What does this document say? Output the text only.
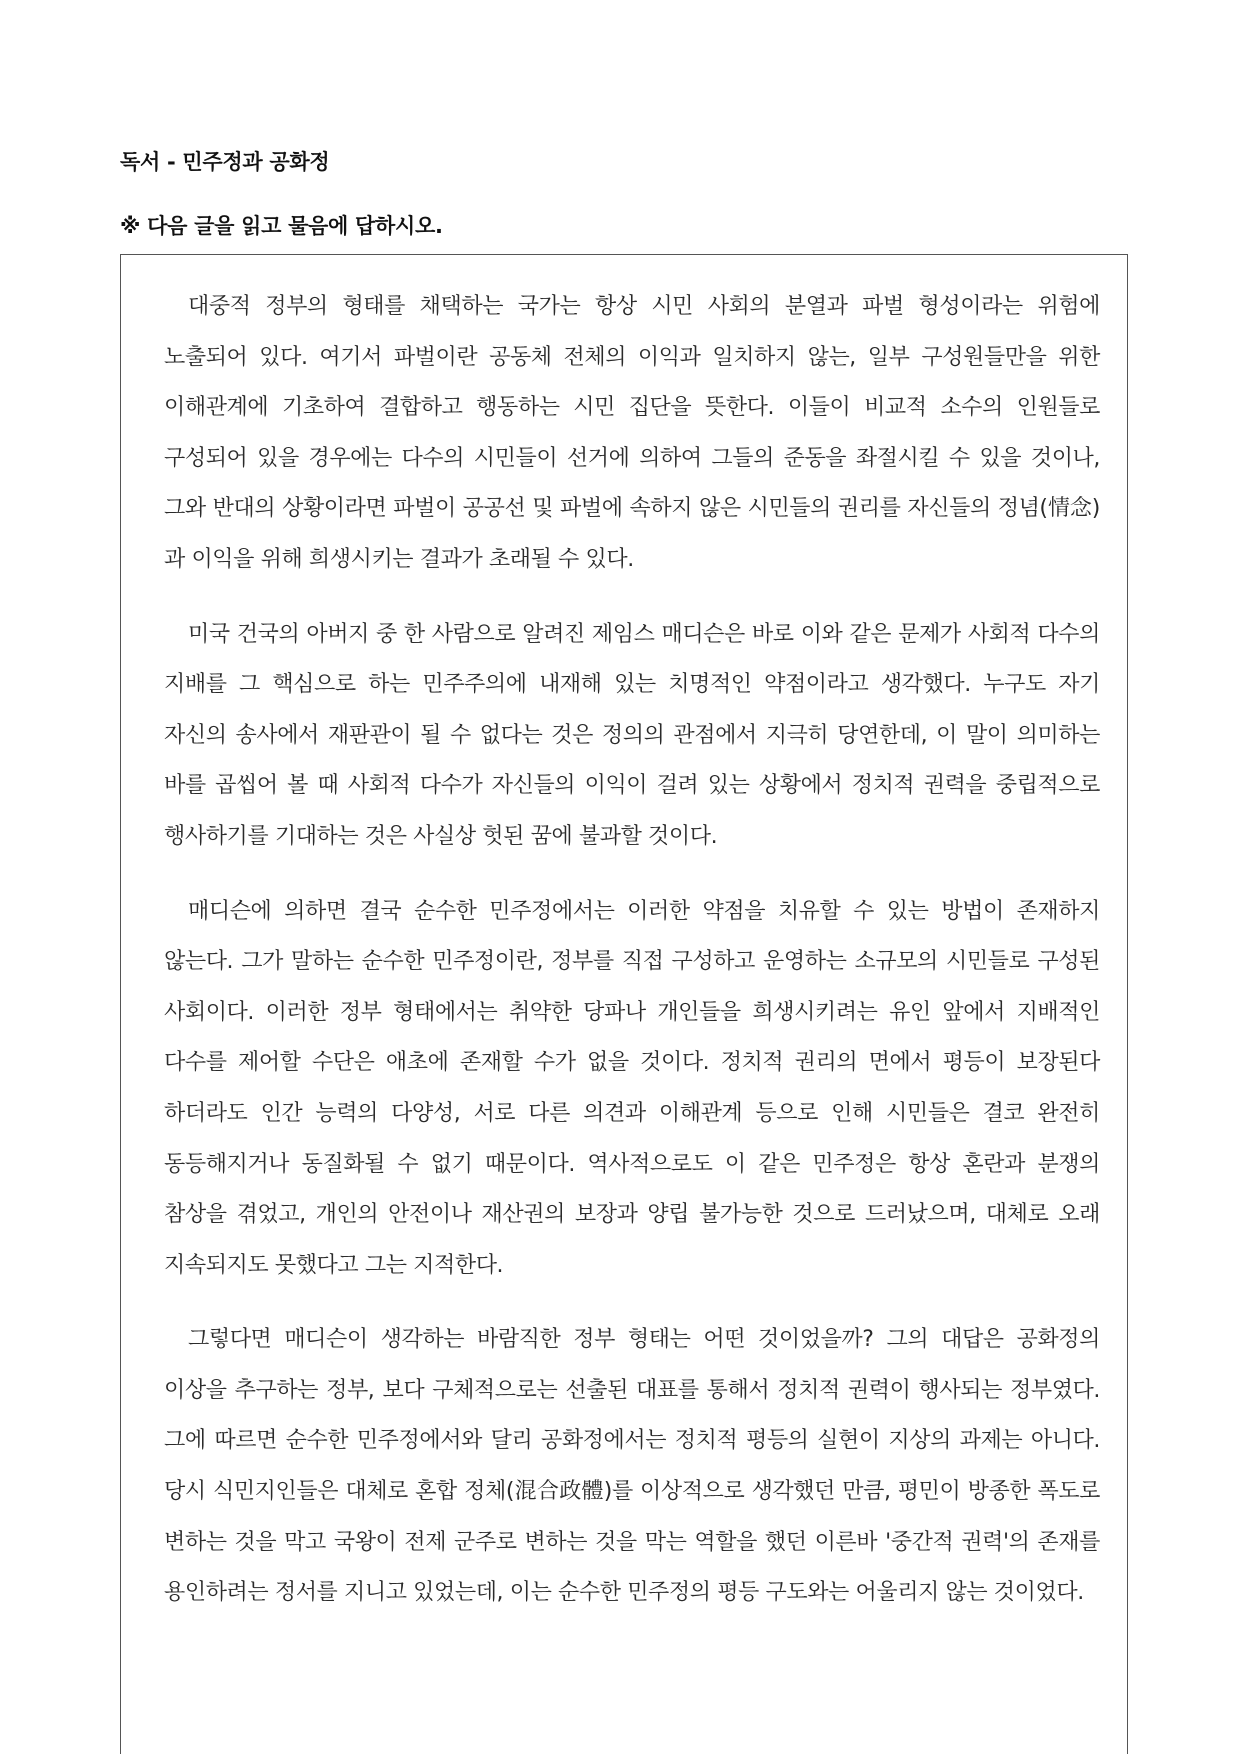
독서 - 민주정과 공화정
※ 다음 글을 읽고 물음에 답하시오.

대중적 정부의 형태를 채택하는 국가는 항상 시민 사회의 분열과 파벌 형성이라는 위험에 노출되어 있다. 여기서 파벌이란 공동체 전체의 이익과 일치하지 않는, 일부 구성원들만을 위한 이해관계에 기초하여 결합하고 행동하는 시민 집단을 뜻한다. 이들이 비교적 소수의 인원들로 구성되어 있을 경우에는 다수의 시민들이 선거에 의하여 그들의 준동을 좌절시킬 수 있을 것이나, 그와 반대의 상황이라면 파벌이 공공선 및 파벌에 속하지 않은 시민들의 권리를 자신들의 정념(情念)과 이익을 위해 희생시키는 결과가 초래될 수 있다.

미국 건국의 아버지 중 한 사람으로 알려진 제임스 매디슨은 바로 이와 같은 문제가 사회적 다수의 지배를 그 핵심으로 하는 민주주의에 내재해 있는 치명적인 약점이라고 생각했다. 누구도 자기 자신의 송사에서 재판관이 될 수 없다는 것은 정의의 관점에서 지극히 당연한데, 이 말이 의미하는 바를 곱씹어 볼 때 사회적 다수가 자신들의 이익이 걸려 있는 상황에서 정치적 권력을 중립적으로 행사하기를 기대하는 것은 사실상 헛된 꿈에 불과할 것이다.

매디슨에 의하면 결국 순수한 민주정에서는 이러한 약점을 치유할 수 있는 방법이 존재하지 않는다. 그가 말하는 순수한 민주정이란, 정부를 직접 구성하고 운영하는 소규모의 시민들로 구성된 사회이다. 이러한 정부 형태에서는 취약한 당파나 개인들을 희생시키려는 유인 앞에서 지배적인 다수를 제어할 수단은 애초에 존재할 수가 없을 것이다. 정치적 권리의 면에서 평등이 보장된다 하더라도 인간 능력의 다양성, 서로 다른 의견과 이해관계 등으로 인해 시민들은 결코 완전히 동등해지거나 동질화될 수 없기 때문이다. 역사적으로도 이 같은 민주정은 항상 혼란과 분쟁의 참상을 겪었고, 개인의 안전이나 재산권의 보장과 양립 불가능한 것으로 드러났으며, 대체로 오래 지속되지도 못했다고 그는 지적한다.

그렇다면 매디슨이 생각하는 바람직한 정부 형태는 어떤 것이었을까? 그의 대답은 공화정의 이상을 추구하는 정부, 보다 구체적으로는 선출된 대표를 통해서 정치적 권력이 행사되는 정부였다. 그에 따르면 순수한 민주정에서와 달리 공화정에서는 정치적 평등의 실현이 지상의 과제는 아니다. 당시 식민지인들은 대체로 혼합 정체(混合政體)를 이상적으로 생각했던 만큼, 평민이 방종한 폭도로 변하는 것을 막고 국왕이 전제 군주로 변하는 것을 막는 역할을 했던 이른바 '중간적 권력'의 존재를 용인하려는 정서를 지니고 있었는데, 이는 순수한 민주정의 평등 구도와는 어울리지 않는 것이었다.
